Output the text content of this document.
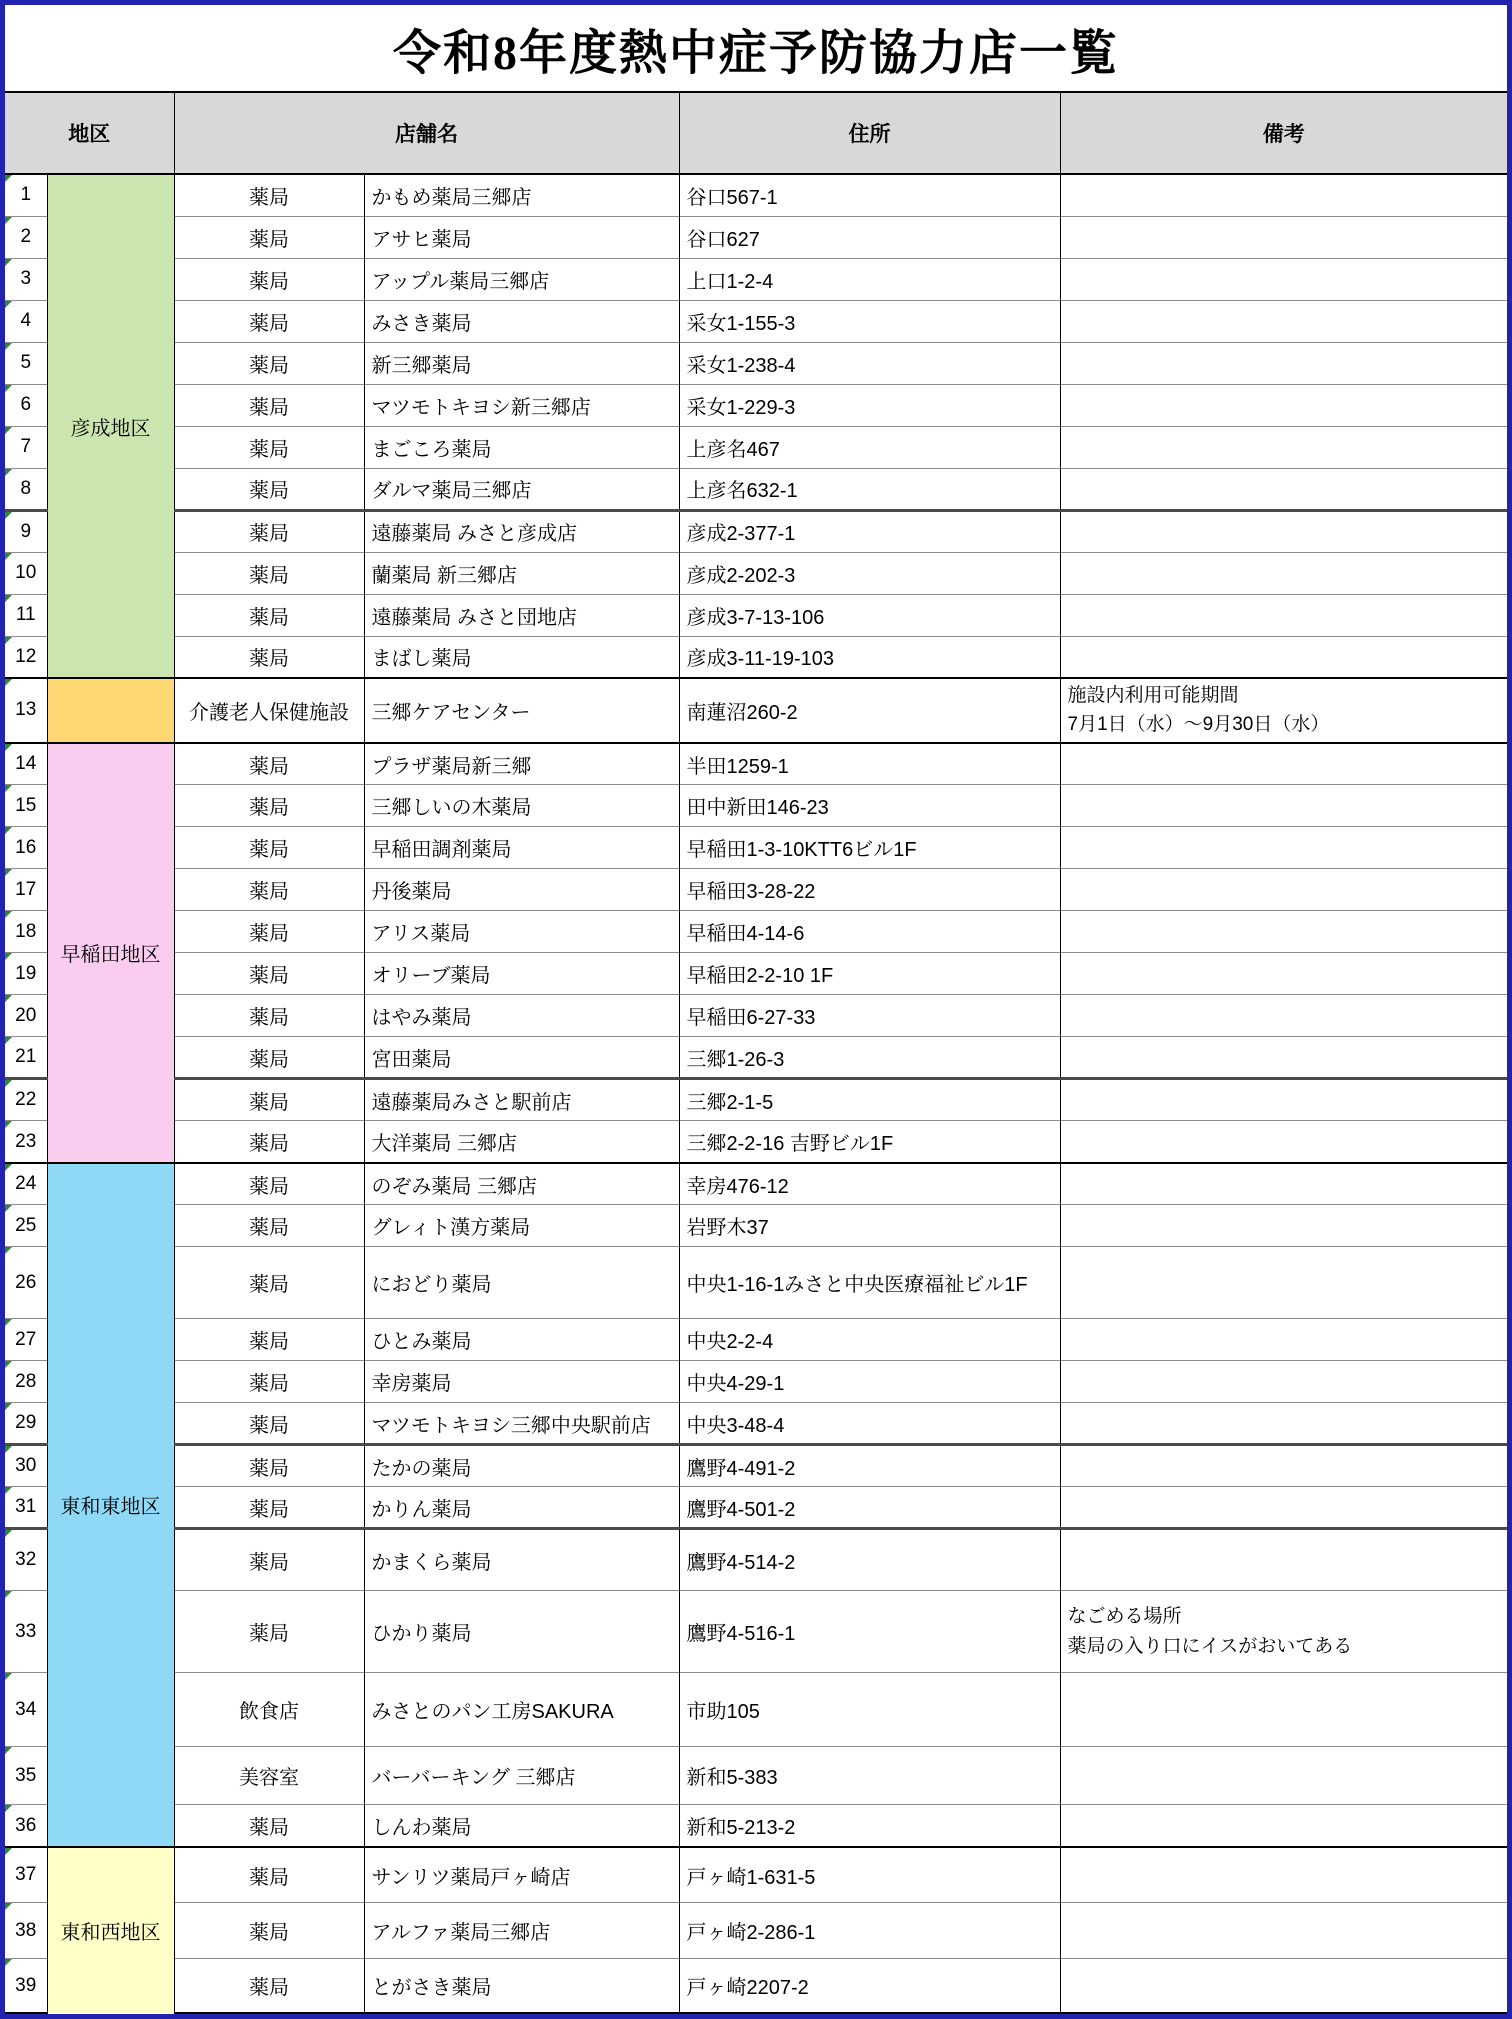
令和8年度熱中症予防協力店一覧
地区		店舗名		住所	備考
1	彦成地区	薬局	かもめ薬局三郷店	谷口567-1	
2		薬局	アサヒ薬局	谷口627	
3		薬局	アップル薬局三郷店	上口1-2-4	
4		薬局	みさき薬局	采女1-155-3	
5		薬局	新三郷薬局	采女1-238-4	
6		薬局	マツモトキヨシ新三郷店	采女1-229-3	
7		薬局	まごころ薬局	上彦名467	
8		薬局	ダルマ薬局三郷店	上彦名632-1	
9		薬局	遠藤薬局 みさと彦成店	彦成2-377-1	
10		薬局	蘭薬局 新三郷店	彦成2-202-3	
11		薬局	遠藤薬局 みさと団地店	彦成3-7-13-106	
12		薬局	まばし薬局	彦成3-11-19-103	
13		介護老人保健施設	三郷ケアセンター	南蓮沼260-2	施設内利用可能期間
7月1日（水）～9月30日（水）

14	早稲田地区	薬局	プラザ薬局新三郷	半田1259-1	
15		薬局	三郷しいの木薬局	田中新田146-23	
16		薬局	早稲田調剤薬局	早稲田1-3-10KTT6ビル1F	
17		薬局	丹後薬局	早稲田3-28-22	
18		薬局	アリス薬局	早稲田4-14-6	
19		薬局	オリーブ薬局	早稲田2-2-10 1F	
20		薬局	はやみ薬局	早稲田6-27-33	
21		薬局	宮田薬局	三郷1-26-3	
22		薬局	遠藤薬局みさと駅前店	三郷2-1-5	
23		薬局	大洋薬局 三郷店	三郷2-2-16 吉野ビル1F	
24	東和東地区	薬局	のぞみ薬局 三郷店	幸房476-12	
25		薬局	グレィト漢方薬局	岩野木37	
26		薬局	におどり薬局	中央1-16-1みさと中央医療福祉ビル1F	
27		薬局	ひとみ薬局	中央2-2-4	
28		薬局	幸房薬局	中央4-29-1	
29		薬局	マツモトキヨシ三郷中央駅前店	中央3-48-4	
30		薬局	たかの薬局	鷹野4-491-2	
31		薬局	かりん薬局	鷹野4-501-2	
32		薬局	かまくら薬局	鷹野4-514-2	
33		薬局	ひかり薬局	鷹野4-516-1	なごめる場所
薬局の入り口にイスがおいてある

34		飲食店	みさとのパン工房SAKURA	市助105	
35		美容室	バーバーキング 三郷店	新和5-383	
36		薬局	しんわ薬局	新和5-213-2	
37	東和西地区	薬局	サンリツ薬局戸ヶ崎店	戸ヶ崎1-631-5	
38		薬局	アルファ薬局三郷店	戸ヶ崎2-286-1	
39		薬局	とがさき薬局	戸ヶ崎2207-2	
